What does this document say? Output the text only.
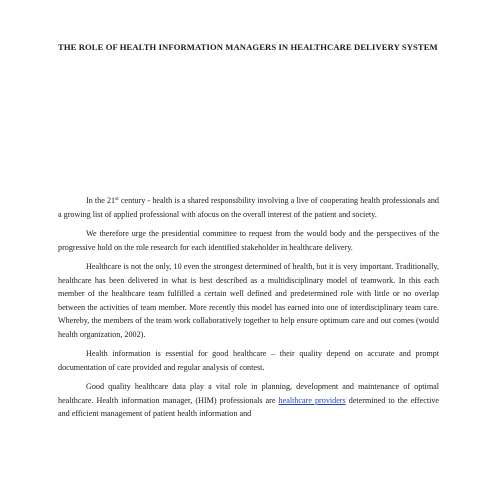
THE ROLE OF HEALTH INFORMATION MANAGERS IN HEALTHCARE DELIVERY SYSTEM

In the 21st century - health is a shared responsibility involving a live of cooperating health professionals and a growing list of applied professional with afocus on the overall interest of the patient and society.

We therefore urge the presidential committee to request from the would body and the perspectives of the progressive hold on the role research for each identified stakeholder in healthcare delivery.

Healthcare is not the only, 10 even the strongest determined of health, but it is very important. Traditionally, healthcare has been delivered in what is best described as a multidisciplinary model of teamwork. In this each member of the healthcare team fulfilled a certain well defined and predetermined role with little or no overlap between the activities of team member. More recently this model has earned into one of interdisciplinary team care. Whereby, the members of the team work collaboratively together to help ensure optimum care and out comes (would health organization, 2002).

Health information is essential for good healthcare – their quality depend on accurate and prompt documentation of care provided and regular analysis of contest.

Good quality healthcare data play a vital role in planning, development and maintenance of optimal healthcare. Health information manager, (HIM) professionals are healthcare providers determined to the effective and efficient management of patient health information and
